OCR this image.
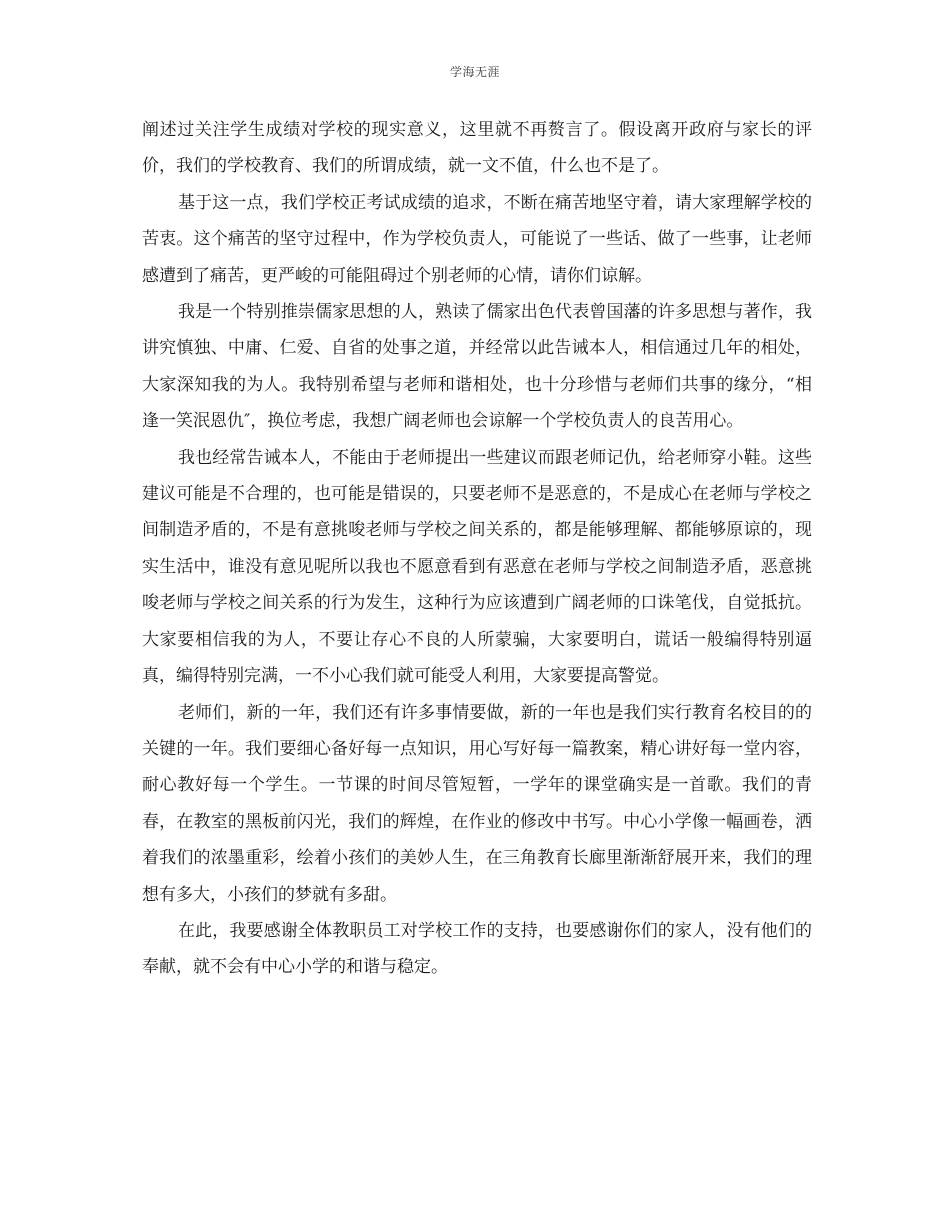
学海无涯

阐述过关注学生成绩对学校的现实意义，这里就不再赘言了。假设离开政府与家长的评价，我们的学校教育、我们的所谓成绩，就一文不值，什么也不是了。

基于这一点，我们学校正考试成绩的追求，不断在痛苦地坚守着，请大家理解学校的苦衷。这个痛苦的坚守过程中，作为学校负责人，可能说了一些话、做了一些事，让老师感遭到了痛苦，更严峻的可能阻碍过个别老师的心情，请你们谅解。

我是一个特别推崇儒家思想的人，熟读了儒家出色代表曾国藩的许多思想与著作，我讲究慎独、中庸、仁爱、自省的处事之道，并经常以此告诫本人，相信通过几年的相处，大家深知我的为人。我特别希望与老师和谐相处，也十分珍惜与老师们共事的缘分，“相逢一笑泯恩仇″，换位考虑，我想广阔老师也会谅解一个学校负责人的良苦用心。

我也经常告诫本人，不能由于老师提出一些建议而跟老师记仇，给老师穿小鞋。这些建议可能是不合理的，也可能是错误的，只要老师不是恶意的，不是成心在老师与学校之间制造矛盾的，不是有意挑唆老师与学校之间关系的，都是能够理解、都能够原谅的，现实生活中，谁没有意见呢所以我也不愿意看到有恶意在老师与学校之间制造矛盾，恶意挑唆老师与学校之间关系的行为发生，这种行为应该遭到广阔老师的口诛笔伐，自觉抵抗。大家要相信我的为人，不要让存心不良的人所蒙骗，大家要明白，谎话一般编得特别逼真，编得特别完满，一不小心我们就可能受人利用，大家要提高警觉。

老师们，新的一年，我们还有许多事情要做，新的一年也是我们实行教育名校目的的关键的一年。我们要细心备好每一点知识，用心写好每一篇教案，精心讲好每一堂内容，耐心教好每一个学生。一节课的时间尽管短暂，一学年的课堂确实是一首歌。我们的青春，在教室的黑板前闪光，我们的辉煌，在作业的修改中书写。中心小学像一幅画卷，洒着我们的浓墨重彩，绘着小孩们的美妙人生，在三角教育长廊里渐渐舒展开来，我们的理想有多大，小孩们的梦就有多甜。

在此，我要感谢全体教职员工对学校工作的支持，也要感谢你们的家人，没有他们的奉献，就不会有中心小学的和谐与稳定。
